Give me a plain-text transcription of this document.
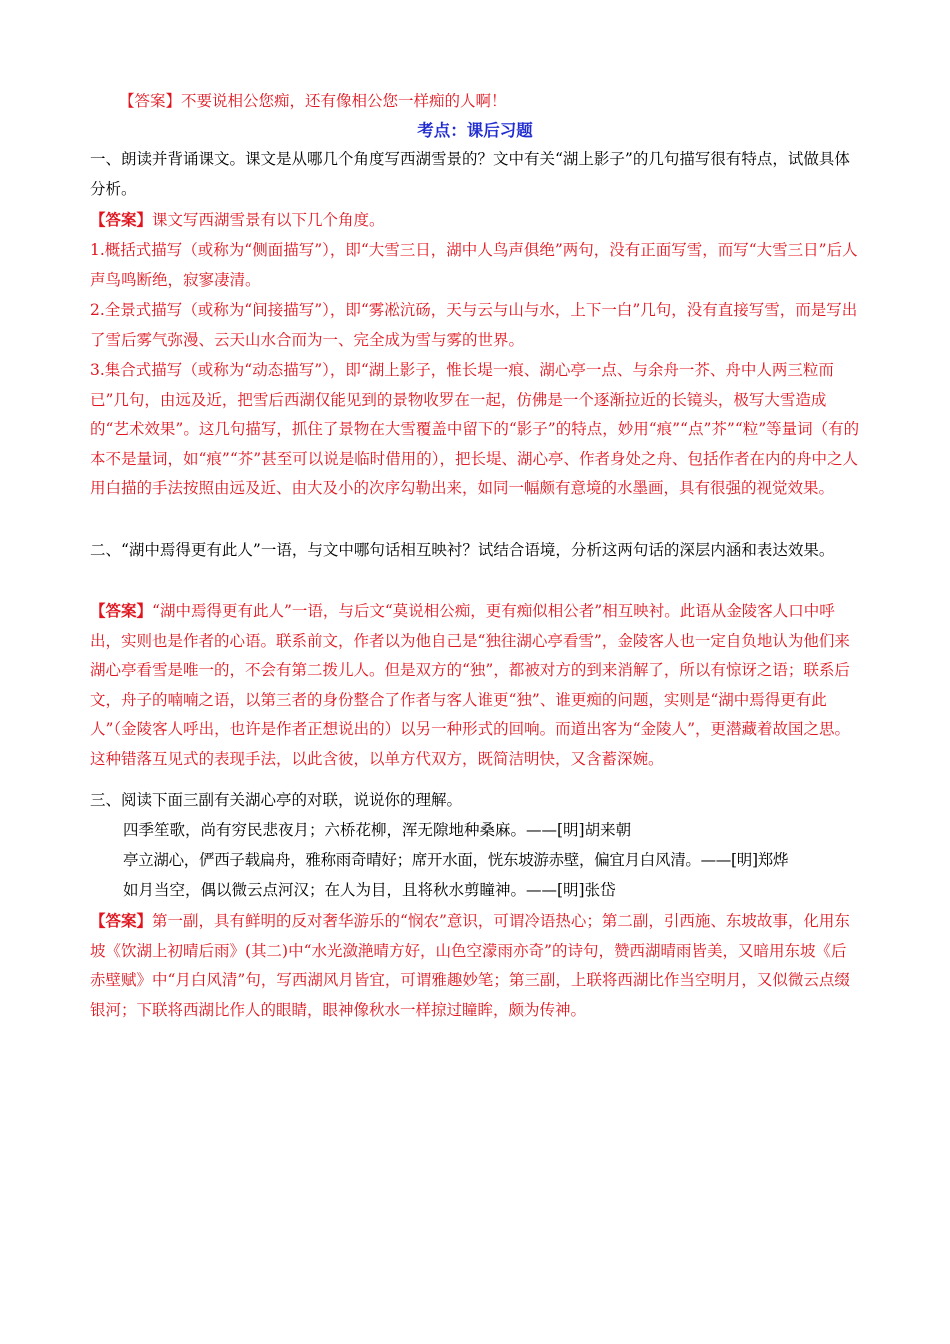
【答案】不要说相公您痴，还有像相公您一样痴的人啊！

考点：课后习题

一、朗读并背诵课文。课文是从哪几个角度写西湖雪景的？文中有关“湖上影子”的几句描写很有特点，试做具体分析。

【答案】课文写西湖雪景有以下几个角度。

1.概括式描写（或称为“侧面描写”），即“大雪三日，湖中人鸟声俱绝”两句，没有正面写雪，而写“大雪三日”后人声鸟鸣断绝，寂寥凄清。

2.全景式描写（或称为“间接描写”），即“雾凇沆砀，天与云与山与水，上下一白”几句，没有直接写雪，而是写出了雪后雾气弥漫、云天山水合而为一、完全成为雪与雾的世界。

3.集合式描写（或称为“动态描写”），即“湖上影子，惟长堤一痕、湖心亭一点、与余舟一芥、舟中人两三粒而已”几句，由远及近，把雪后西湖仅能见到的景物收罗在一起，仿佛是一个逐渐拉近的长镜头，极写大雪造成的“艺术效果”。这几句描写，抓住了景物在大雪覆盖中留下的“影子”的特点，妙用“痕”“点”芥”“粒”等量词（有的本不是量词，如“痕”“芥”甚至可以说是临时借用的），把长堤、湖心亭、作者身处之舟、包括作者在内的舟中之人用白描的手法按照由远及近、由大及小的次序勾勒出来，如同一幅颇有意境的水墨画，具有很强的视觉效果。

二、“湖中焉得更有此人”一语，与文中哪句话相互映衬？试结合语境，分析这两句话的深层内涵和表达效果。

【答案】“湖中焉得更有此人”一语，与后文“莫说相公痴，更有痴似相公者”相互映衬。此语从金陵客人口中呼出，实则也是作者的心语。联系前文，作者以为他自己是“独往湖心亭看雪”，金陵客人也一定自负地认为他们来湖心亭看雪是唯一的，不会有第二拨儿人。但是双方的“独”，都被对方的到来消解了，所以有惊讶之语；联系后文，舟子的喃喃之语，以第三者的身份整合了作者与客人谁更“独”、谁更痴的问题，实则是“湖中焉得更有此人”（金陵客人呼出，也许是作者正想说出的）以另一种形式的回响。而道出客为“金陵人”，更潜藏着故国之思。这种错落互见式的表现手法，以此含彼，以单方代双方，既简洁明快，又含蓄深婉。

三、阅读下面三副有关湖心亭的对联，说说你的理解。

四季笙歌，尚有穷民悲夜月；六桥花柳，浑无隙地种桑麻。——[明]胡来朝

亭立湖心，俨西子载扁舟，雅称雨奇晴好；席开水面，恍东坡游赤壁，偏宜月白风清。——[明]郑烨

如月当空，偶以微云点河汉；在人为目，且将秋水剪瞳神。——[明]张岱

【答案】第一副，具有鲜明的反对奢华游乐的“悯农”意识，可谓冷语热心；第二副，引西施、东坡故事，化用东坡《饮湖上初晴后雨》(其二)中“水光潋滟晴方好，山色空濛雨亦奇”的诗句，赞西湖晴雨皆美，又暗用东坡《后赤壁赋》中“月白风清”句，写西湖风月皆宜，可谓雅趣妙笔；第三副，上联将西湖比作当空明月，又似微云点缀银河；下联将西湖比作人的眼睛，眼神像秋水一样掠过瞳眸，颇为传神。
